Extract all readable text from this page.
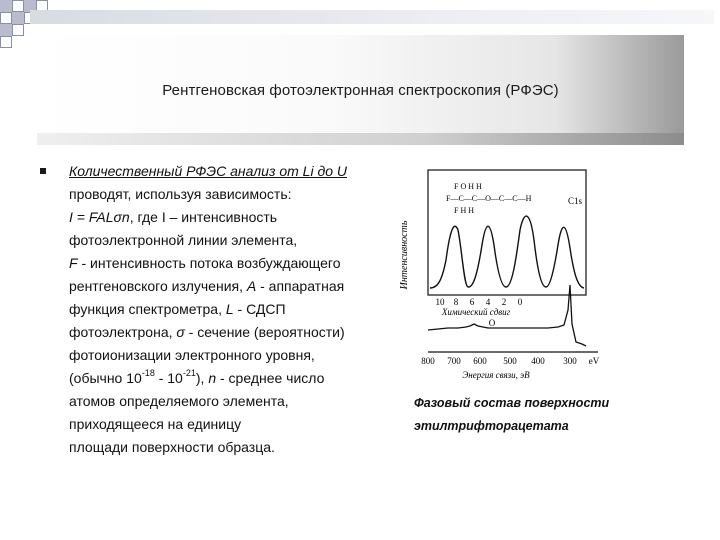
Рентгеновская фотоэлектронная спектроскопия (РФЭС)
Количественный РФЭС анализ от Li до U
проводят, используя зависимость:
I = FALσn, где I – интенсивность
фотоэлектронной линии элемента,
F - интенсивность потока возбуждающего
рентгеновского излучения, A - аппаратная
функция спектрометра, L - СДСП
фотоэлектрона, σ - сечение (вероятности)
фотоионизации электронного уровня,
(обычно $10^{-18} - 10^{-21}$), n - среднее число
атомов определяемого элемента,
приходящееся на единицу
площади поверхности образца.
Интенсивность
F O H H
F—C—C—O—C—C—H
F H H
C1s
10 8 6 4 2 0
Химический сдвиг
O
800 700 600 500 400 300 eV
Энергия связи, эВ
Фазовый состав поверхности
этилтрифторацетата
